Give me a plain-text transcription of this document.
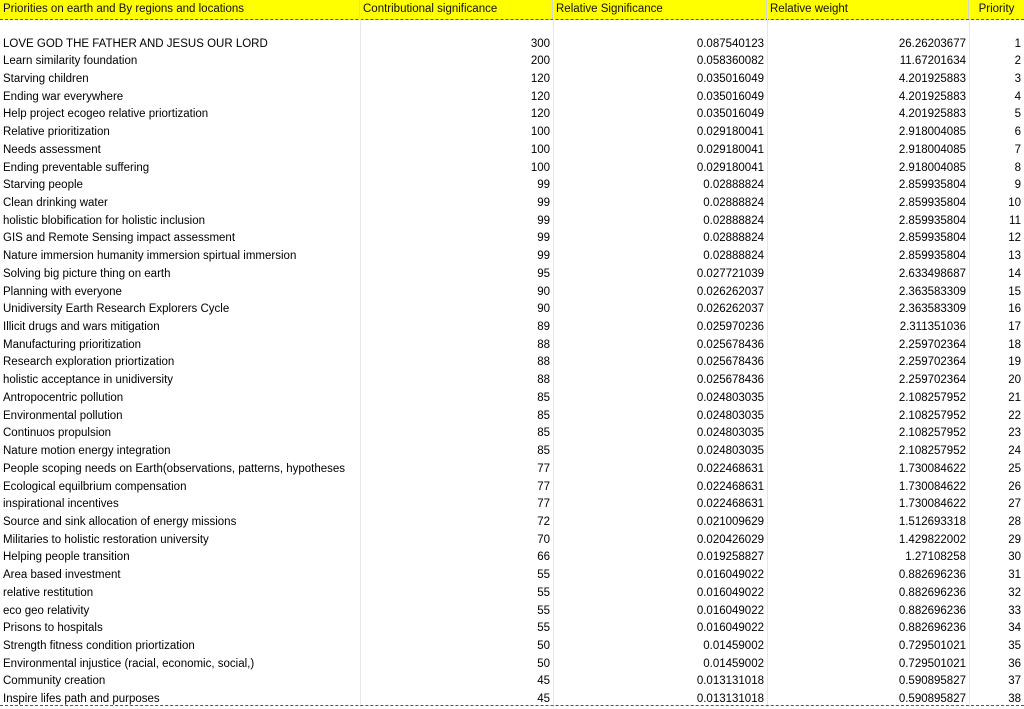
Priorities on earth and By regions and locations	Contributional significance	Relative Significance	Relative weight	Priority
LOVE GOD THE FATHER AND JESUS OUR LORD	300	0.087540123	26.26203677	1
Learn similarity foundation	200	0.058360082	11.67201634	2
Starving children	120	0.035016049	4.201925883	3
Ending war everywhere	120	0.035016049	4.201925883	4
Help project ecogeo relative priortization	120	0.035016049	4.201925883	5
Relative prioritization	100	0.029180041	2.918004085	6
Needs assessment	100	0.029180041	2.918004085	7
Ending preventable suffering	100	0.029180041	2.918004085	8
Starving people	99	0.02888824	2.859935804	9
Clean drinking water	99	0.02888824	2.859935804	10
holistic blobification for holistic inclusion	99	0.02888824	2.859935804	11
GIS and Remote Sensing impact assessment	99	0.02888824	2.859935804	12
Nature immersion humanity immersion spirtual immersion	99	0.02888824	2.859935804	13
Solving big picture thing on earth	95	0.027721039	2.633498687	14
Planning with everyone	90	0.026262037	2.363583309	15
Unidiversity Earth Research Explorers Cycle	90	0.026262037	2.363583309	16
Illicit drugs and wars mitigation	89	0.025970236	2.311351036	17
Manufacturing prioritization	88	0.025678436	2.259702364	18
Research exploration priortization	88	0.025678436	2.259702364	19
holistic acceptance in unidiversity	88	0.025678436	2.259702364	20
Antropocentric pollution	85	0.024803035	2.108257952	21
Environmental pollution	85	0.024803035	2.108257952	22
Continuos propulsion	85	0.024803035	2.108257952	23
Nature motion energy integration	85	0.024803035	2.108257952	24
People scoping needs on Earth(observations, patterns, hypotheses	77	0.022468631	1.730084622	25
Ecological equilbrium compensation	77	0.022468631	1.730084622	26
inspirational incentives	77	0.022468631	1.730084622	27
Source and sink allocation of energy missions	72	0.021009629	1.512693318	28
Militaries to holistic restoration university	70	0.020426029	1.429822002	29
Helping people transition	66	0.019258827	1.27108258	30
Area based investment	55	0.016049022	0.882696236	31
relative restitution	55	0.016049022	0.882696236	32
eco geo relativity	55	0.016049022	0.882696236	33
Prisons to hospitals	55	0.016049022	0.882696236	34
Strength fitness condition priortization	50	0.01459002	0.729501021	35
Environmental injustice (racial, economic, social,)	50	0.01459002	0.729501021	36
Community creation	45	0.013131018	0.590895827	37
Inspire lifes path and purposes	45	0.013131018	0.590895827	38
